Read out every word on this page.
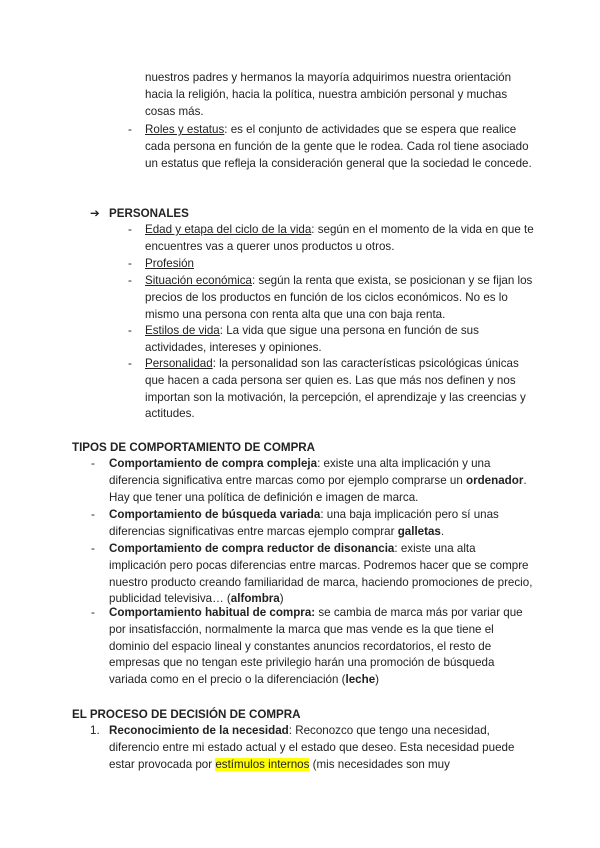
nuestros padres y hermanos la mayoría adquirimos nuestra orientación hacia la religión, hacia la política, nuestra ambición personal y muchas cosas más.

- Roles y estatus: es el conjunto de actividades que se espera que realice cada persona en función de la gente que le rodea. Cada rol tiene asociado un estatus que refleja la consideración general que la sociedad le concede.

➔ PERSONALES
- Edad y etapa del ciclo de la vida: según en el momento de la vida en que te encuentres vas a querer unos productos u otros.

- Profesión

- Situación económica: según la renta que exista, se posicionan y se fijan los precios de los productos en función de los ciclos económicos. No es lo mismo una persona con renta alta que una con baja renta.

- Estilos de vida: La vida que sigue una persona en función de sus actividades, intereses y opiniones.

- Personalidad: la personalidad son las características psicológicas únicas que hacen a cada persona ser quien es. Las que más nos definen y nos importan son la motivación, la percepción, el aprendizaje y las creencias y actitudes.

TIPOS DE COMPORTAMIENTO DE COMPRA
- Comportamiento de compra compleja: existe una alta implicación y una diferencia significativa entre marcas como por ejemplo comprarse un ordenador. Hay que tener una política de definición e imagen de marca.

- Comportamiento de búsqueda variada: una baja implicación pero sí unas diferencias significativas entre marcas ejemplo comprar galletas.

- Comportamiento de compra reductor de disonancia: existe una alta implicación pero pocas diferencias entre marcas. Podremos hacer que se compre nuestro producto creando familiaridad de marca, haciendo promociones de precio, publicidad televisiva… (alfombra)

- Comportamiento habitual de compra: se cambia de marca más por variar que por insatisfacción, normalmente la marca que mas vende es la que tiene el dominio del espacio lineal y constantes anuncios recordatorios, el resto de empresas que no tengan este privilegio harán una promoción de búsqueda variada como en el precio o la diferenciación (leche)

EL PROCESO DE DECISIÓN DE COMPRA
1. Reconocimiento de la necesidad: Reconozco que tengo una necesidad, diferencio entre mi estado actual y el estado que deseo. Esta necesidad puede estar provocada por estímulos internos (mis necesidades son muy
